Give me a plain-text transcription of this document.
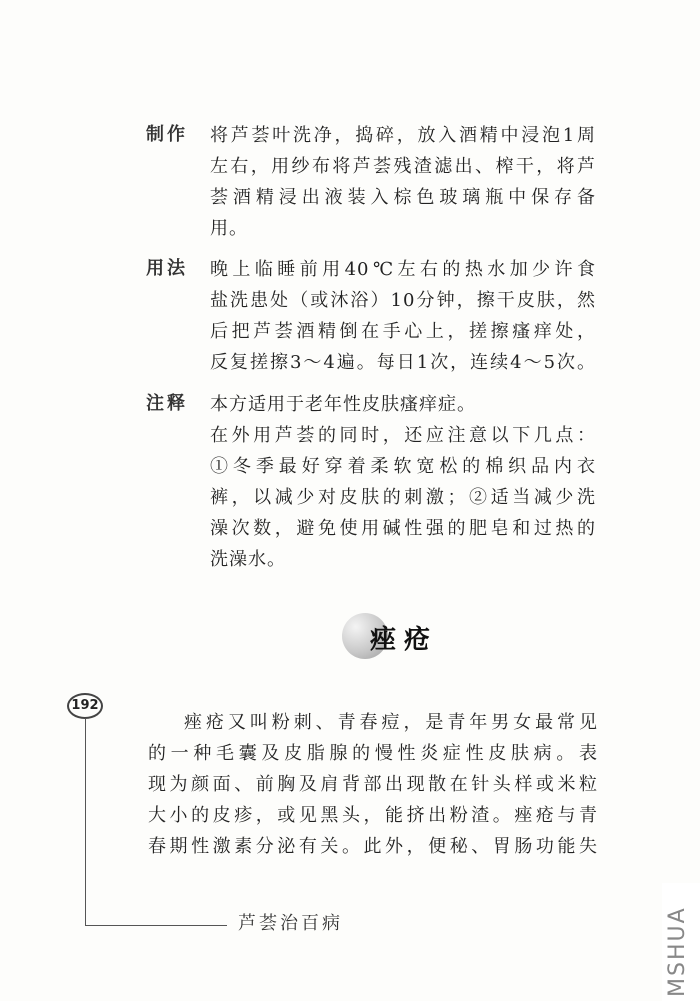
制作 将芦荟叶洗净，捣碎，放入酒精中浸泡1周
左右，用纱布将芦荟残渣滤出、榨干，将芦
荟酒精浸出液装入棕色玻璃瓶中保存备
用。
用法 晚上临睡前用40℃左右的热水加少许食
盐洗患处（或沐浴）10分钟，擦干皮肤，然
后把芦荟酒精倒在手心上，搓擦瘙痒处，
反复搓擦3～4遍。每日1次，连续4～5次。
注释 本方适用于老年性皮肤瘙痒症。
在外用芦荟的同时，还应注意以下几点：
①冬季最好穿着柔软宽松的棉织品内衣
裤，以减少对皮肤的刺激；②适当减少洗
澡次数，避免使用碱性强的肥皂和过热的
洗澡水。
痤疮
192
痤疮又叫粉刺、青春痘，是青年男女最常见
的一种毛囊及皮脂腺的慢性炎症性皮肤病。表
现为颜面、前胸及肩背部出现散在针头样或米粒
大小的皮疹，或见黑头，能挤出粉渣。痤疮与青
春期性激素分泌有关。此外，便秘、胃肠功能失
芦荟治百病	MSHUA
